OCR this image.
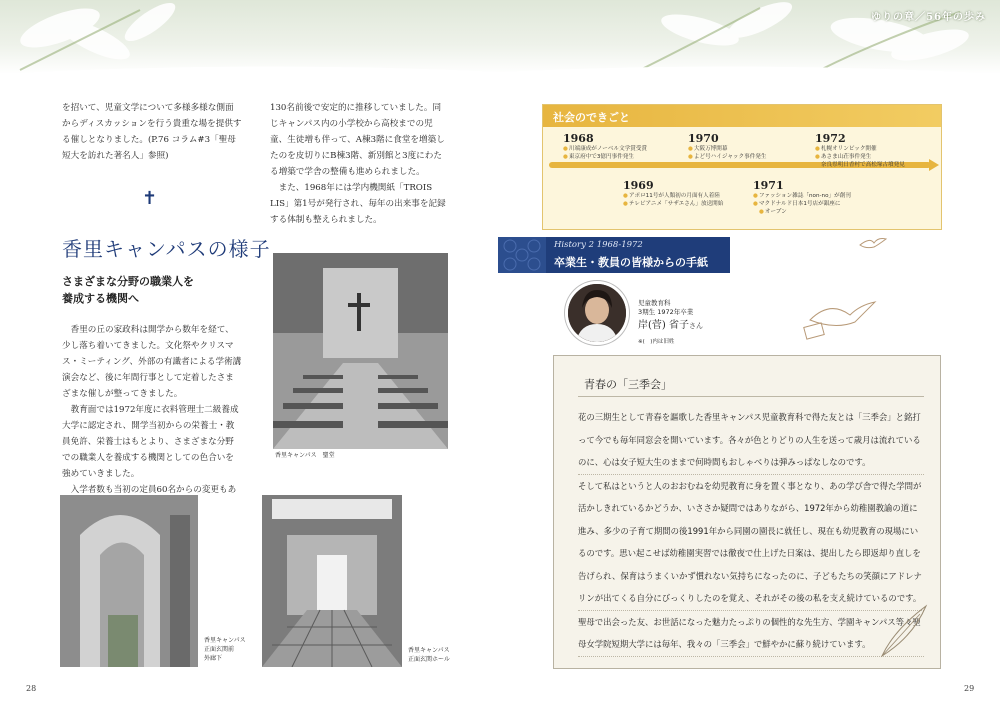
ゆりの章／56年の歩み

を招いて、児童文学について多様多様な側面からディスカッションを行う貴重な場を提供する催しとなりました。(P.76 コラム#3「聖母短大を訪れた著名人」参照)

130名前後で安定的に推移していました。同じキャンパス内の小学校から高校までの児童、生徒増も伴って、A棟3階に食堂を増築したのを皮切りにB棟3階、新別館と3度にわたる増築で学舎の整備も進められました。

また、1968年には学内機関紙「TROIS LIS」第1号が発行され、毎年の出来事を記録する体制も整えられました。

✝
香里キャンパスの様子
さまざまな分野の職業人を
養成する機関へ

香里の丘の家政科は開学から数年を経て、少し落ち着いてきました。文化祭やクリスマス・ミーティング、外部の有識者による学術講演会など、後に年間行事として定着したさまざまな催しが整ってきました。

教育面では1972年度に衣料管理士二級養成大学に認定され、開学当初からの栄養士・教員免許、栄養士はもとより、さまざまな分野での職業人を養成する機関としての色合いを強めていきました。

入学者数も当初の定員60名からの変更もあ

香里キャンパス　聖堂
香里キャンパス
正面玄関前
外廊下
香里キャンパス
正面玄関ホール
28
社会のできごと
1968
● 川端康成がノーベル文学賞受賞
● 東京府中で3億円事件発生
1970
● 大阪万博開幕
● よど号ハイジャック事件発生
1972
● 札幌オリンピック開催
● あさま山荘事件発生
● 奈良県明日香村で高松塚古墳発見
1969
● アポロ11号が人類初の月面有人着陸
● テレビアニメ「サザエさん」放送開始
1971
● ファッション雑誌「non-no」が創刊
● マクドナルド日本1号店が銀座に
● オープン
History 2 1968-1972
卒業生・教員の皆様からの手紙
児童教育科
3期生 1972年卒業
岸(菅) 省子さん
※(　)内は旧姓
青春の「三季会」

花の三期生として青春を謳歌した香里キャンパス児童教育科で得た友とは「三季会」と銘打って今でも毎年同窓会を開いています。各々が色とりどりの人生を送って歳月は流れているのに、心は女子短大生のままで何時間もおしゃべりは弾みっぱなしなのです。

そして私はというと人のおおむねを幼児教育に身を置く事となり、あの学び舎で得た学問が活かしきれているかどうか、いささか疑問ではありながら、1972年から幼稚園教諭の道に進み、多少の子育て期間の後1991年から同園の園長に就任し、現在も幼児教育の現場にいるのです。思い起こせば幼稚園実習では徹夜で仕上げた日案は、提出したら即返却り直しを告げられ、保育はうまくいかず慣れない気持ちになったのに、子どもたちの笑顔にアドレナリンが出てくる自分にびっくりしたのを覚え、それがその後の私を支え続けているのです。

聖母で出会った友、お世話になった魅力たっぷりの個性的な先生方、学園キャンパス等々聖母女学院短期大学には毎年、我々の「三季会」で鮮やかに蘇り続けています。

29
